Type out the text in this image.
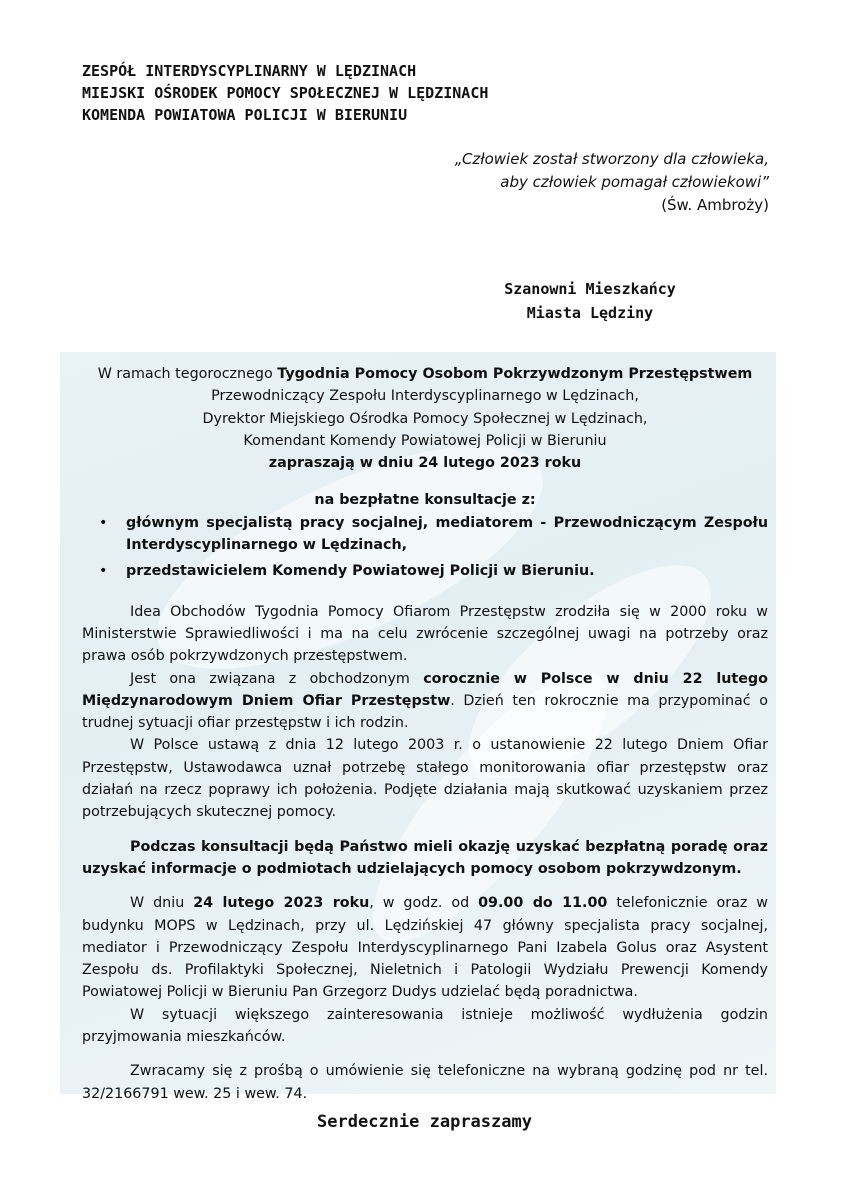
ZESPÓŁ INTERDYSCYPLINARNY W LĘDZINACH
MIEJSKI OŚRODEK POMOCY SPOŁECZNEJ W LĘDZINACH
KOMENDA POWIATOWA POLICJI W BIERUNIU
„Człowiek został stworzony dla człowieka,
aby człowiek pomagał człowiekowi”
(Św. Ambroży)
Szanowni Mieszkańcy
Miasta Lędziny

W ramach tegorocznego Tygodnia Pomocy Osobom Pokrzywdzonym Przestępstwem

Przewodniczący Zespołu Interdyscyplinarnego w Lędzinach,

Dyrektor Miejskiego Ośrodka Pomocy Społecznej w Lędzinach,

Komendant Komendy Powiatowej Policji w Bieruniu

zapraszają w dniu 24 lutego 2023 roku

na bezpłatne konsultacje z:

• głównym specjalistą pracy socjalnej, mediatorem - Przewodniczącym Zespołu Interdyscyplinarnego w Lędzinach,
• przedstawicielem Komendy Powiatowej Policji w Bieruniu.

Idea Obchodów Tygodnia Pomocy Ofiarom Przestępstw zrodziła się w 2000 roku w Ministerstwie Sprawiedliwości i ma na celu zwrócenie szczególnej uwagi na potrzeby oraz prawa osób pokrzywdzonych przestępstwem.

Jest ona związana z obchodzonym corocznie w Polsce w dniu 22 lutego Międzynarodowym Dniem Ofiar Przestępstw. Dzień ten rokrocznie ma przypominać o trudnej sytuacji ofiar przestępstw i ich rodzin.

W Polsce ustawą z dnia 12 lutego 2003 r. o ustanowienie 22 lutego Dniem Ofiar Przestępstw, Ustawodawca uznał potrzebę stałego monitorowania ofiar przestępstw oraz działań na rzecz poprawy ich położenia. Podjęte działania mają skutkować uzyskaniem przez potrzebujących skutecznej pomocy.

Podczas konsultacji będą Państwo mieli okazję uzyskać bezpłatną poradę oraz uzyskać informacje o podmiotach udzielających pomocy osobom pokrzywdzonym.

W dniu 24 lutego 2023 roku, w godz. od 09.00 do 11.00 telefonicznie oraz w budynku MOPS w Lędzinach, przy ul. Lędzińskiej 47 główny specjalista pracy socjalnej, mediator i Przewodniczący Zespołu Interdyscyplinarnego Pani Izabela Golus oraz Asystent Zespołu ds. Profilaktyki Społecznej, Nieletnich i Patologii Wydziału Prewencji Komendy Powiatowej Policji w Bieruniu Pan Grzegorz Dudys udzielać będą poradnictwa.

W sytuacji większego zainteresowania istnieje możliwość wydłużenia godzin przyjmowania mieszkańców.

Zwracamy się z prośbą o umówienie się telefoniczne na wybraną godzinę pod nr tel. 32/2166791 wew. 25 i wew. 74.

Serdecznie zapraszamy
